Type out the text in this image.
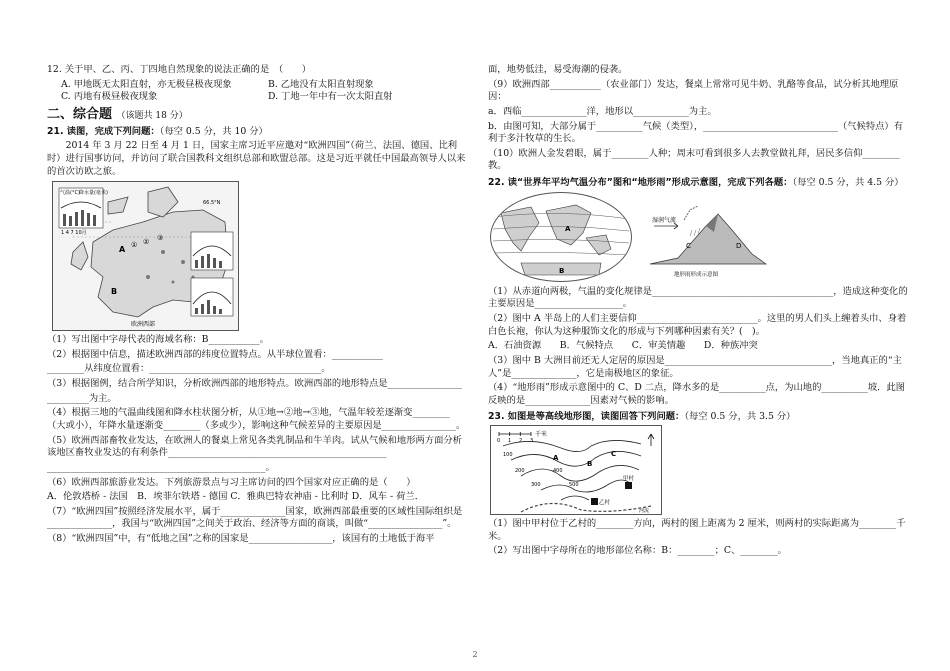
12. 关于甲、乙、丙、丁四地自然现象的说法正确的是　（　　）

A. 甲地既无太阳直射，亦无极昼极夜现象	B. 乙地没有太阳直射现象
C. 丙地有极昼极夜现象	D. 丁地一年中有一次太阳直射
二、综合题 （该题共 18 分）

21. 读图，完成下列问题：（每空 0.5 分，共 10 分）

2014 年 3 月 22 日至 4 月 1 日，国家主席习近平应邀对“欧洲四国”（荷兰、法国、德国、比利时）进行国事访问，并访问了联合国教科文组织总部和欧盟总部。这是习近平就任中国最高领导人以来的首次访欧之旅。

气温(°C) 降水量(毫米)
1 4 7 10月
A
B
① ② ③
66.5°N
欧洲西部

（1）写出图中字母代表的海域名称：B___________。

（2）根据图中信息，描述欧洲西部的纬度位置特点。从半球位置看：___________

________从纬度位置看：_____________________________________。

（3）根据图例，结合所学知识，分析欧洲西部的地形特点。欧洲西部的地形特点是________________

_________为主。

（4）根据三地的气温曲线图和降水柱状图分析，从①地→②地→③地，气温年较差逐渐变________（大或小），年降水量逐渐变________（多或少），影响这种气候差异的主要原因是________________。

（5）欧洲西部畜牧业发达，在欧洲人的餐桌上常见各类乳制品和牛羊肉。试从气候和地形两方面分析该地区畜牧业发达的有利条件_______________________________________________

_______________________________________________。

（6）欧洲西部旅游业发达。下列旅游景点与习主席访问的四个国家对应正确的是（　　）

A．伦敦塔桥 - 法国　B．埃菲尔铁塔 - 德国 C．雅典巴特农神庙 - 比利时 D．风车 - 荷兰．

（7）“欧洲四国”按照经济发展水平，属于______________国家，欧洲西部最重要的区域性国际组织是______________，我国与“欧洲四国”之间关于政治、经济等方面的商谈，叫做“________________”。

（8）“欧洲四国”中，有“低地之国”之称的国家是__________________，该国有的土地低于海平

面，地势低洼，易受海潮的侵袭。

（9）欧洲西部___________（农业部门）发达，餐桌上常常可见牛奶、乳酪等食品，试分析其地理原因：

a．西临______________洋，地形以____________为主。

b．由图可知，大部分属于__________气候（类型），_____________________________（气候特点）有利于多汁牧草的生长。

（10）欧洲人金发碧眼，属于________人种；周末可看到很多人去教堂做礼拜，居民多信仰________教。

22. 读“世界年平均气温分布”图和“地形雨”形成示意图，完成下列各题：（每空 0.5 分，共 4.5 分）

A
B
湿润气流
C	D
地形雨形成示意图

（1）从赤道向两极，气温的变化规律是_______________________________________，造成这种变化的主要原因是___________________。

（2）图中 A 半岛上的人们主要信仰__________________________。这里的男人们头上缠着头巾、身着白色长袍，你认为这种服饰文化的形成与下列哪种因素有关？(　)。

A．石油资源　　B．气候特点　　C．审美情趣　　D．种族冲突

（3）图中 B 大洲目前还无人定居的原因是____________________________________，当地真正的“主人”是______________，它是南极地区的象征。

（4）“地形雨”形成示意图中的 C、D 二点，降水多的是__________点，为山地的__________坡．此图反映的是______________因素对气候的影响。

23. 如图是等高线地形图，读图回答下列问题：（每空 0.5 分，共 3.5 分）

千米
0 1 2 3
100
200
300
400
500
A
B
C
甲村
乙村
河流

（1）图中甲村位于乙村的________方向，两村的图上距离为 2 厘米，则两村的实际距离为________千米。

（2）写出图中字母所在的地形部位名称：B：________；C、________。

2
